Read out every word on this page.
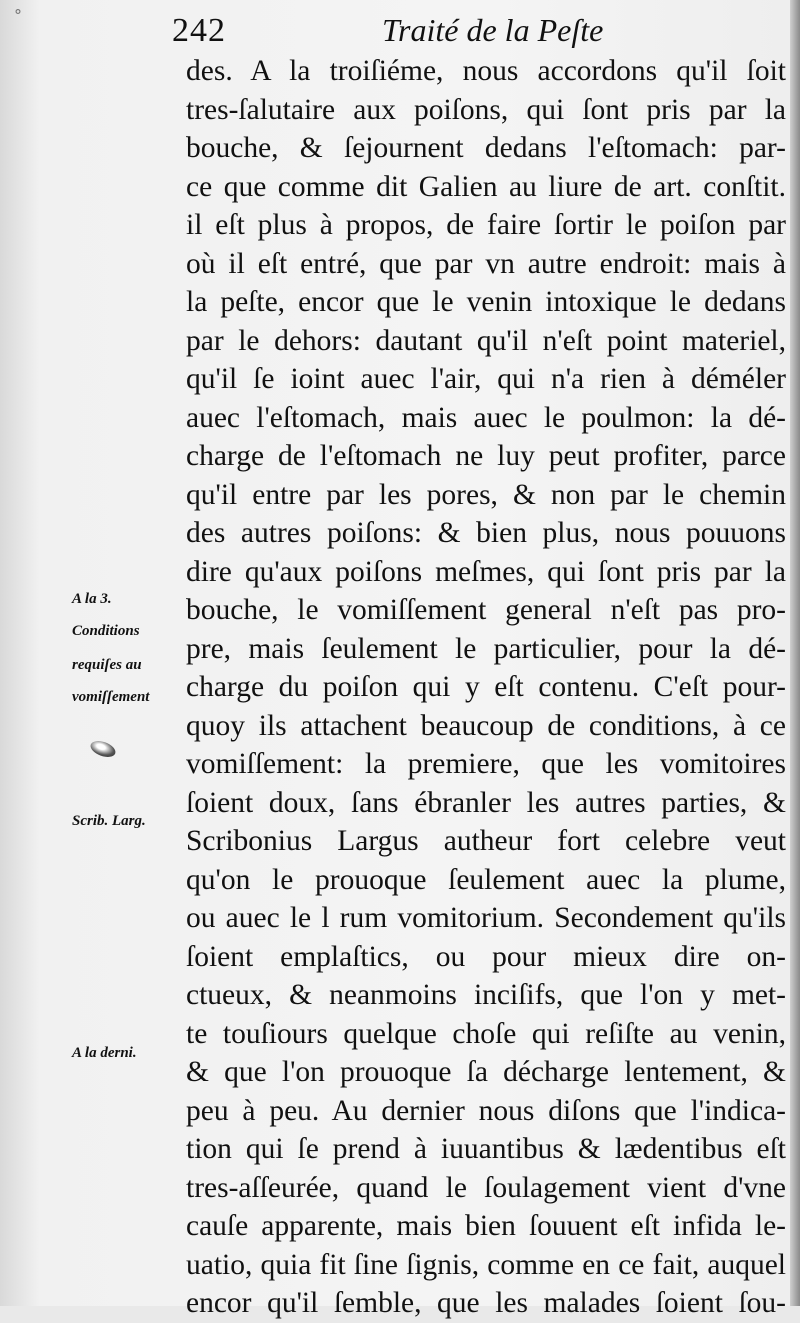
°	242	Traité de la Peſte
des. A la troiſiéme, nous accordons qu'il ſoit
tres-ſalutaire aux poiſons, qui ſont pris par la
bouche, & ſejournent dedans l'eſtomach: par-
ce que comme dit Galien au liure de art. conſtit.
il eſt plus à propos, de faire ſortir le poiſon par
où il eſt entré, que par vn autre endroit: mais à
la peſte, encor que le venin intoxique le dedans
par le dehors: dautant qu'il n'eſt point materiel,
qu'il ſe ioint auec l'air, qui n'a rien à déméler
auec l'eſtomach, mais auec le poulmon: la dé-
charge de l'eſtomach ne luy peut profiter, parce
qu'il entre par les pores, & non par le chemin
des autres poiſons: & bien plus, nous pouuons
dire qu'aux poiſons meſmes, qui ſont pris par la
bouche, le vomiſſement general n'eſt pas pro-
pre, mais ſeulement le particulier, pour la dé-
charge du poiſon qui y eſt contenu. C'eſt pour-
quoy ils attachent beaucoup de conditions, à ce
vomiſſement: la premiere, que les vomitoires
ſoient doux, ſans ébranler les autres parties, &
Scribonius Largus autheur fort celebre veut
qu'on le prouoque ſeulement auec la plume,
ou auec le l rum vomitorium. Secondement qu'ils
ſoient emplaſtics, ou pour mieux dire on-
ctueux, & neanmoins inciſifs, que l'on y met-
te touſiours quelque choſe qui reſiſte au venin,
& que l'on prouoque ſa décharge lentement, &
peu à peu. Au dernier nous diſons que l'indica-
tion qui ſe prend à iuuantibus & lædentibus eſt
tres-aſſeurée, quand le ſoulagement vient d'vne
cauſe apparente, mais bien ſouuent eſt infida le-
uatio, quia fit ſine ſignis, comme en ce fait, auquel
encor qu'il ſemble, que les malades ſoient ſou-
A la 3.
Conditions
requiſes au
vomiſſement
Scrib. Larg.
A la derni.
